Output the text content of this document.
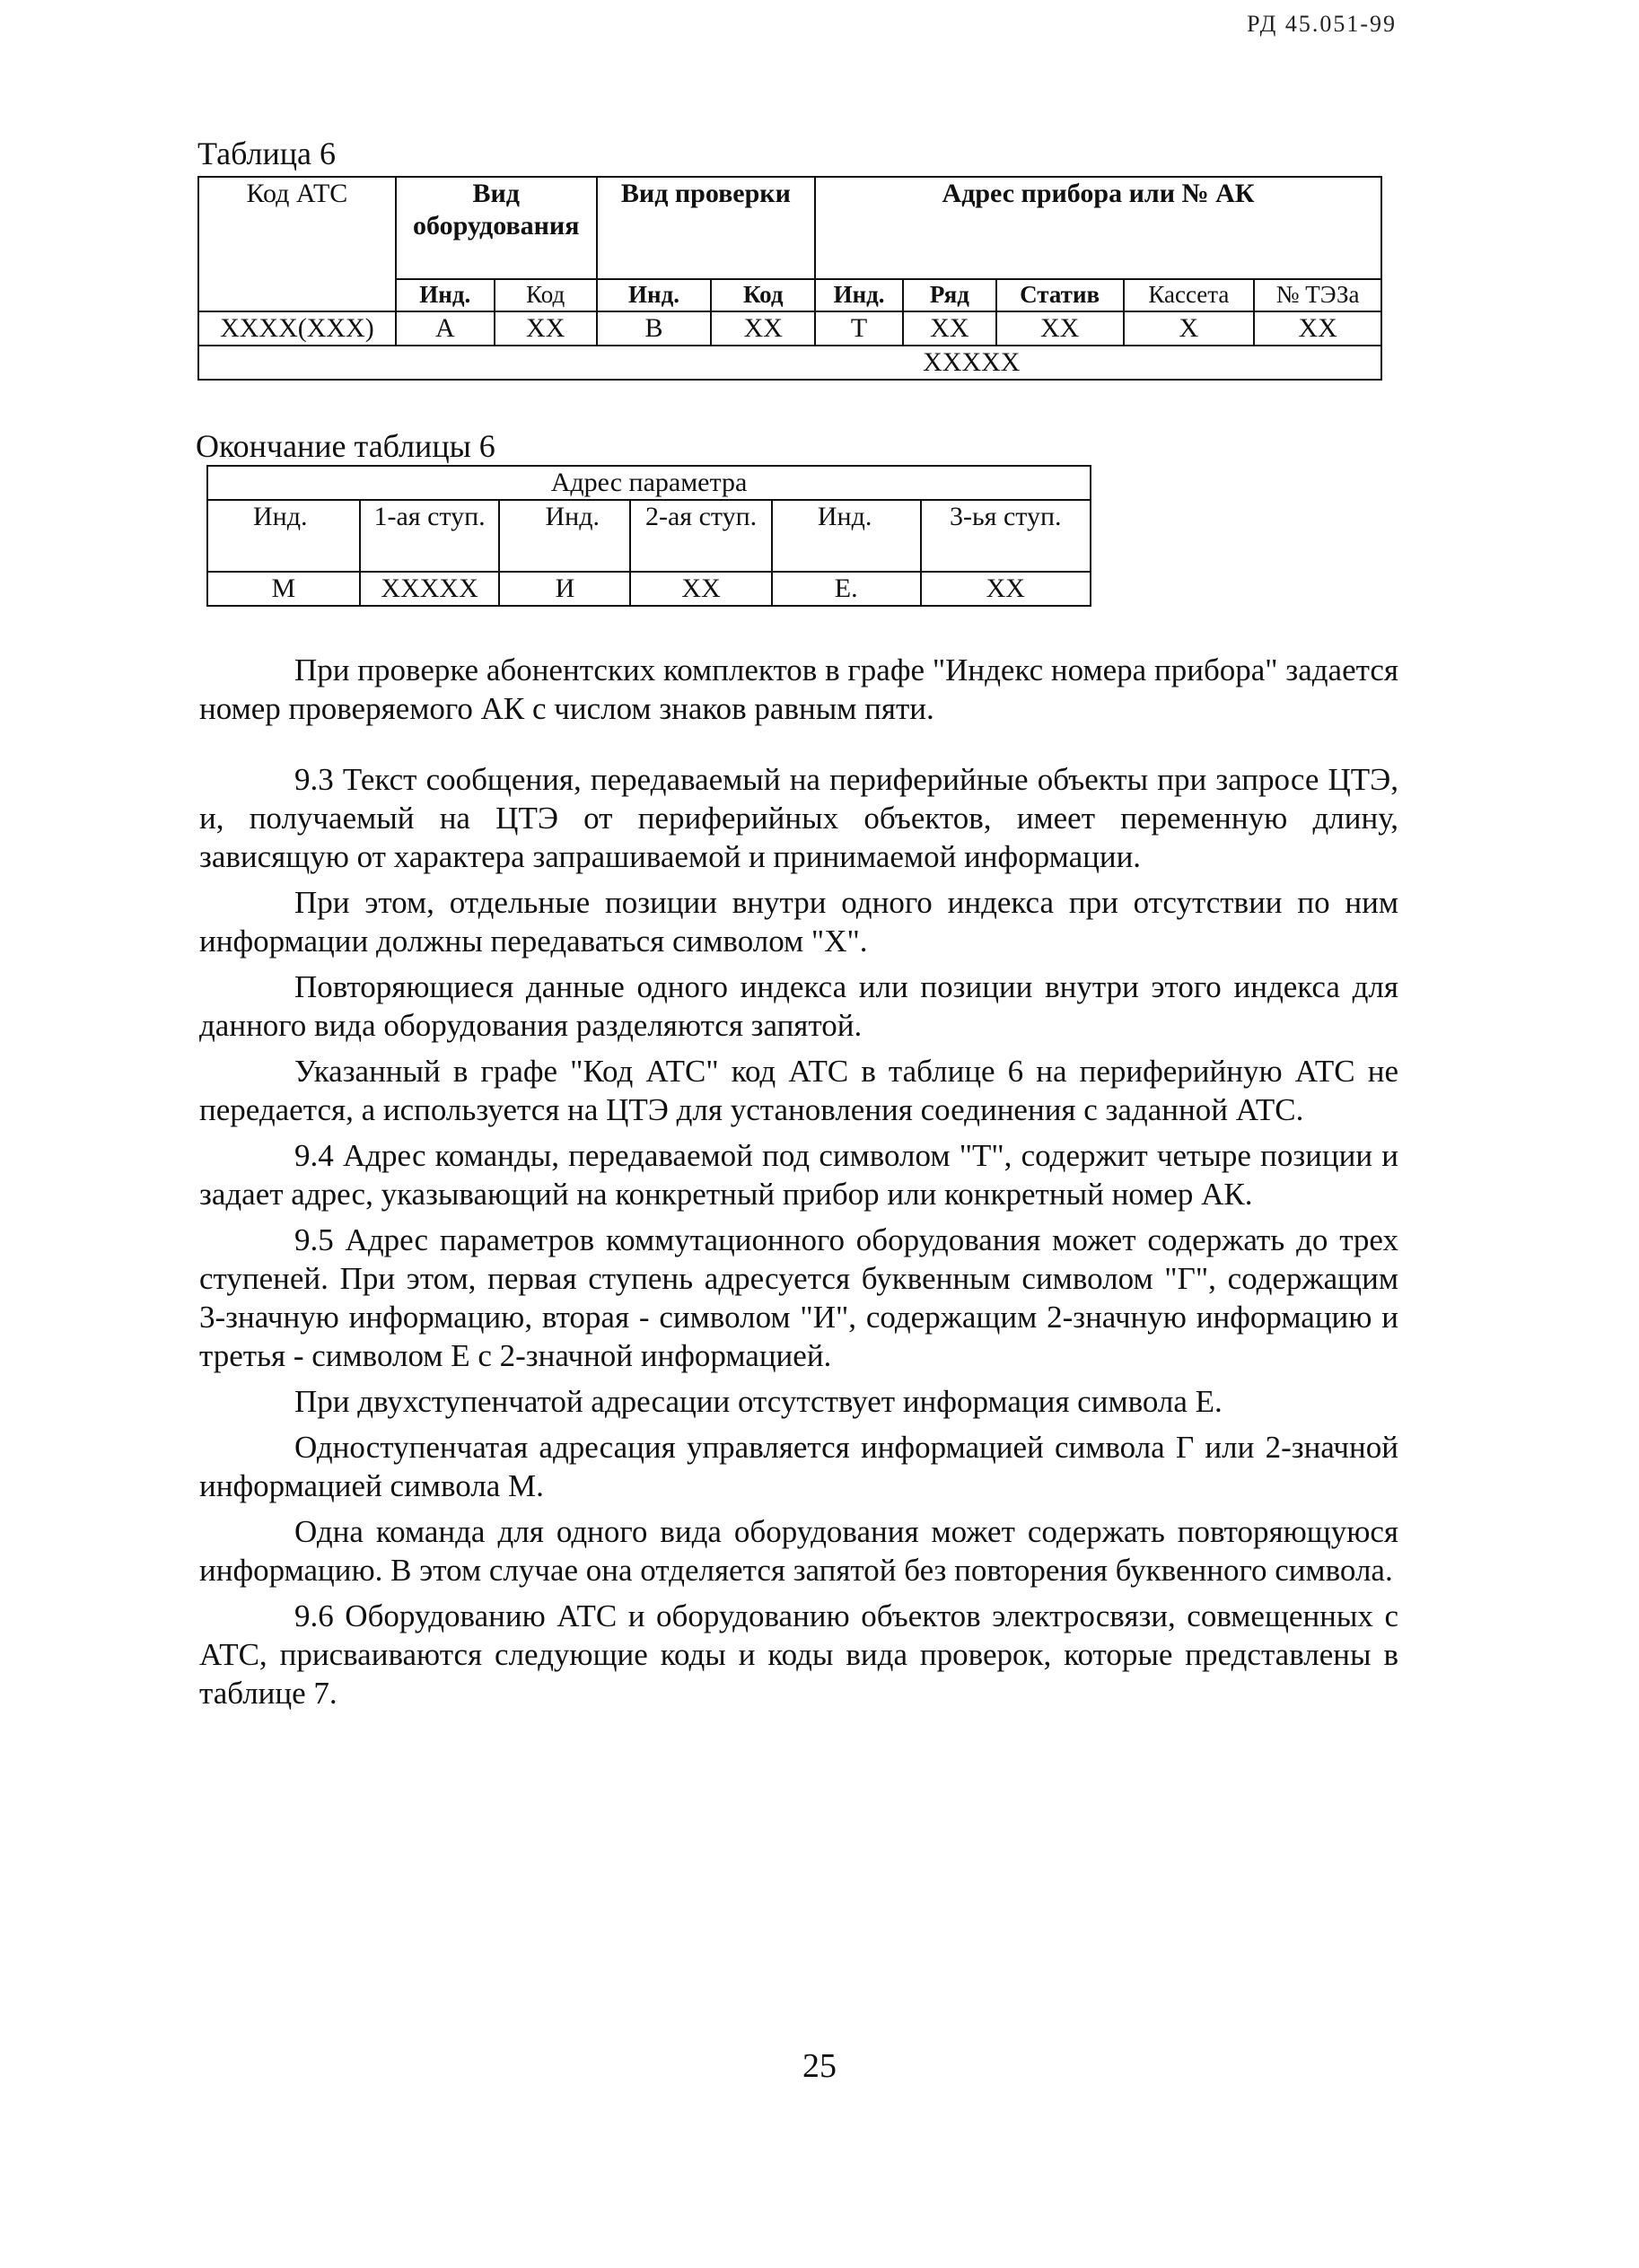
РД 45.051-99
Таблица 6
Код АТС	Вид оборудования		Вид проверки		Адрес прибора или № АК				
	Инд.	Код	Инд.	Код	Инд.	Ряд	Статив	Кассета	№ ТЭЗа
ХХХХ(ХХХ)	А	ХХ	В	ХХ	Т	ХХ	ХХ	Х	ХХ
					ХХХХХ				
Окончание таблицы 6
Адрес параметра					
Инд.	1-ая ступ.	Инд.	2-ая ступ.	Инд.	3-ья ступ.
М	ХХХХХ	И	ХХ	Е.	ХХ

При проверке абонентских комплектов в графе "Индекс номера прибора" задается номер проверяемого АК с числом знаков равным пяти.

9.3 Текст сообщения, передаваемый на периферийные объекты при запросе ЦТЭ, и, получаемый на ЦТЭ от периферийных объектов, имеет переменную длину, зависящую от характера запрашиваемой и принимаемой информации.

При этом, отдельные позиции внутри одного индекса при отсутствии по ним информации должны передаваться символом "Х".

Повторяющиеся данные одного индекса или позиции внутри этого индекса для данного вида оборудования разделяются запятой.

Указанный в графе "Код АТС" код АТС в таблице 6 на периферийную АТС не передается, а используется на ЦТЭ для установления соединения с заданной АТС.

9.4 Адрес команды, передаваемой под символом "Т", содержит четыре позиции и задает адрес, указывающий на конкретный прибор или конкретный номер АК.

9.5 Адрес параметров коммутационного оборудования может содержать до трех ступеней. При этом, первая ступень адресуется буквенным символом "Г", содержащим 3-значную информацию, вторая - символом "И", содержащим 2-значную информацию и третья - символом Е с 2-значной информацией.

При двухступенчатой адресации отсутствует информация символа Е.

Одноступенчатая адресация управляется информацией символа Г или 2-значной информацией символа М.

Одна команда для одного вида оборудования может содержать повторяющуюся информацию. В этом случае она отделяется запятой без повторения буквенного символа.

9.6 Оборудованию АТС и оборудованию объектов электросвязи, совмещенных с АТС, присваиваются следующие коды и коды вида проверок, которые представлены в таблице 7.

25
